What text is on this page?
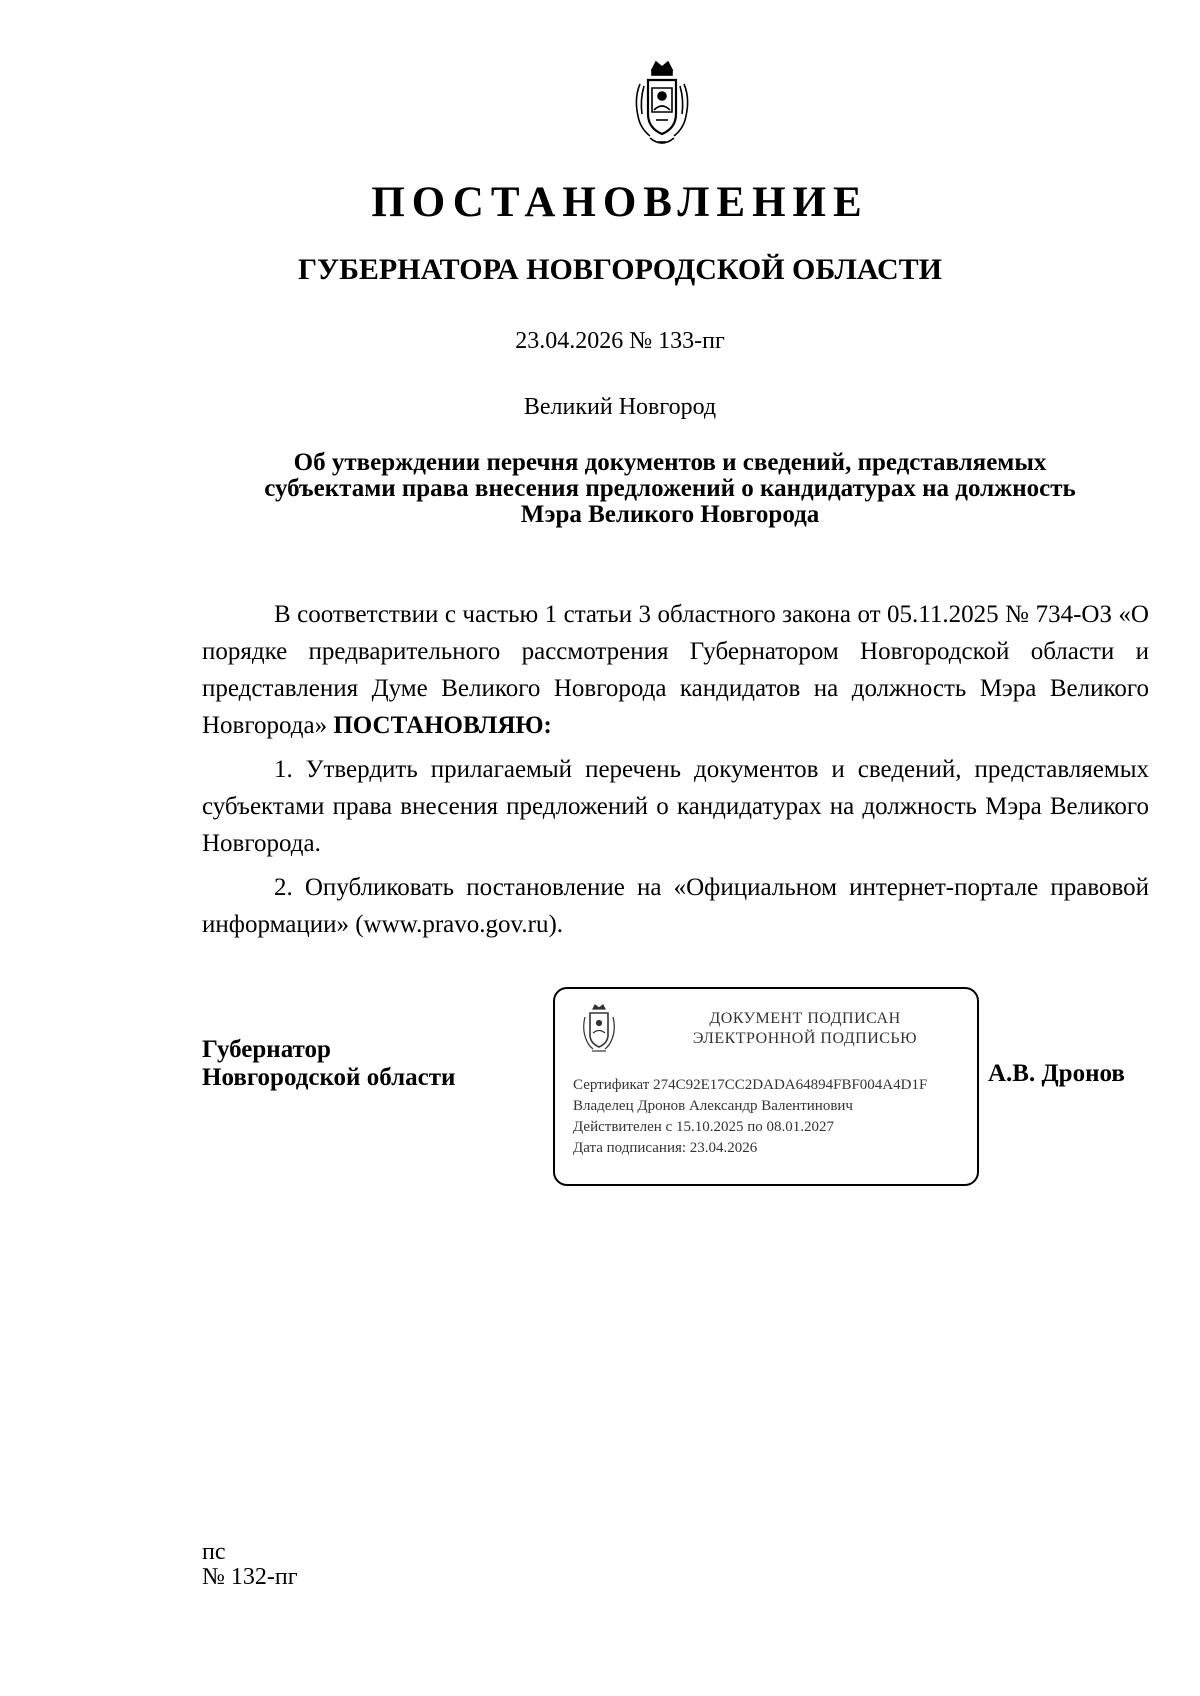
ПОСТАНОВЛЕНИЕ
ГУБЕРНАТОРА НОВГОРОДСКОЙ ОБЛАСТИ
23.04.2026 № 133-пг
Великий Новгород
Об утверждении перечня документов и сведений, представляемых
субъектами права внесения предложений о кандидатурах на должность
Мэра Великого Новгорода

В соответствии с частью 1 статьи 3 областного закона от 05.11.2025 № 734-ОЗ «О порядке предварительного рассмотрения Губернатором Новгородской области и представления Думе Великого Новгорода кандидатов на должность Мэра Великого Новгорода» ПОСТАНОВЛЯЮ:

1. Утвердить прилагаемый перечень документов и сведений, представляемых субъектами права внесения предложений о кандидатурах на должность Мэра Великого Новгорода.

2. Опубликовать постановление на «Официальном интернет-портале правовой информации» (www.pravo.gov.ru).

Губернатор
Новгородской области
ДОКУМЕНТ ПОДПИСАН
ЭЛЕКТРОННОЙ ПОДПИСЬЮ
Сертификат 274C92E17CC2DADA64894FBF004A4D1F
Владелец Дронов Александр Валентинович
Действителен с 15.10.2025 по 08.01.2027
Дата подписания: 23.04.2026
А.В. Дронов
пс
№ 132-пг
